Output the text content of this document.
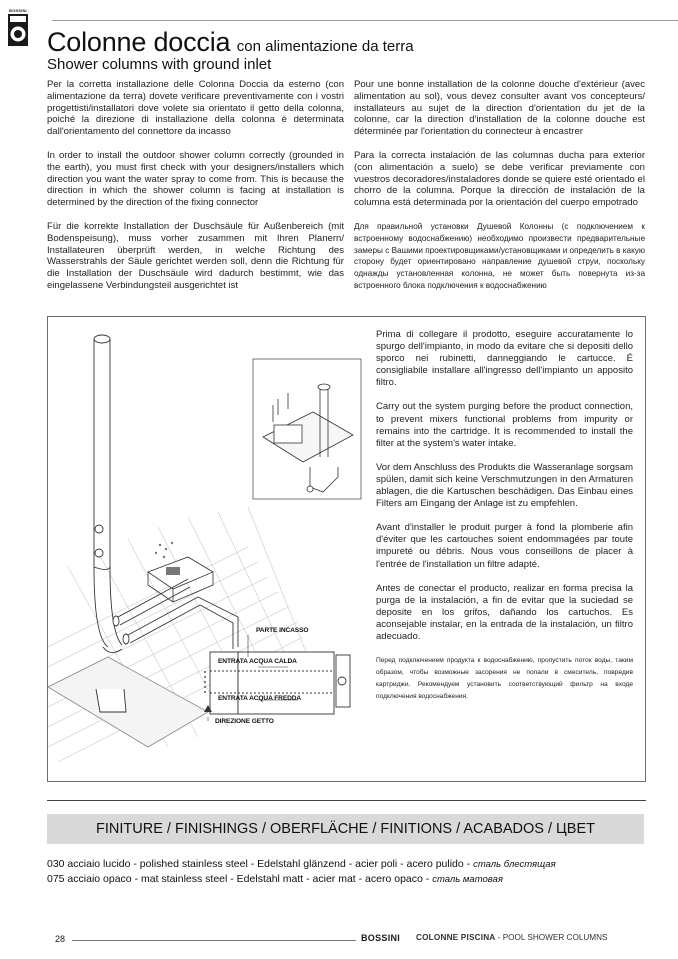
BOSSINI
Colonne doccia con alimentazione da terra
Shower columns with ground inlet

Per la corretta installazione delle Colonna Doccia da esterno (con alimentazione da terra) dovete verificare preventivamente con i vostri progettisti/installatori dove volete sia orientato il getto della colonna, poiché la direzione di installazione della colonna è determinata dall'orientamento del connettore da incasso

In order to install the outdoor shower column correctly (grounded in the earth), you must first check with your designers/installers which direction you want the water spray to come from. This is because the direction in which the shower column is facing at installation is determined by the direction of the fixing connector

Für die korrekte Installation der Duschsäule für Außenbereich (mit Bodenspeisung), muss vorher zusammen mit Ihren Planern/ Installateuren überprüft werden, in welche Richtung des Wasserstrahls der Säule gerichtet werden soll, denn die Richtung für die Installation der Duschsäule wird dadurch bestimmt, wie das eingelassene Verbindungsteil ausgerichtet ist

Pour une bonne installation de la colonne douche d'extérieur (avec alimentation au sol), vous devez consulter avant vos concepteurs/ installateurs au sujet de la direction d'orientation du jet de la colonne, car la direction d'installation de la colonne douche est déterminée par l'orientation du connecteur à encastrer

Para la correcta instalación de las columnas ducha para exterior (con alimentación a suelo) se debe verificar previamente con vuestros decoradores/instaladores donde se quiere esté orientado el chorro de la columna. Porque la dirección de instalación de la columna está determinada por la orientación del cuerpo empotrado

Для правильной установки Душевой Колонны (с подключением к встроенному водоснабжению) необходимо произвести предварительные замеры с Вашими проектировщиками/установщиками и определить в какую сторону будет ориентировано направление душевой струи, поскольку однажды установленная колонна, не может быть повернута из-за встроенного блока подключения к водоснабжению

PARTE INCASSO
ENTRATA ACQUA CALDA
ENTRATA ACQUA FREDDA
DIREZIONE GETTO

Prima di collegare il prodotto, eseguire accuratamente lo spurgo dell'impianto, in modo da evitare che si depositi dello sporco nei rubinetti, danneggiando le cartucce. É consigliabile installare all'ingresso dell'impianto un apposito filtro.

Carry out the system purging before the product connection, to prevent mixers functional problems from impurity or remains into the cartridge. It is recommended to install the filter at the system's water intake.

Vor dem Anschluss des Produkts die Wasseranlage sorgsam spülen, damit sich keine Verschmutzungen in den Armaturen ablagen, die die Kartuschen beschädigen. Das Einbau eines Filters am Eingang der Anlage ist zu empfehlen.

Avant d'installer le produit purger à fond la plomberie afin d'éviter que les cartouches soient endommagées par toute impureté ou débris. Nous vous conseillons de placer à l'entrée de l'installation un filtre adapté.

Antes de conectar el producto, realizar en forma precisa la purga de la instalación, a fin de evitar que la suciedad se deposite en los grifos, dañando los cartuchos. Es aconsejable instalar, en la entrada de la instalación, un filtro adecuado.

Перед подключением продукта к водоснабжению, пропустить поток воды, таким образом, чтобы возможные засорения не попали в смеситель, повредив картриджи. Рекомендуем установить соответствующий фильтр на входе подключения водоснабжения.

FINITURE / FINISHINGS / OBERFLÄCHE / FINITIONS / ACABADOS / ЦВЕТ
030 acciaio lucido - polished stainless steel - Edelstahl glänzend - acier poli - acero pulido - сталь блестящая
075 acciaio opaco - mat stainless steel - Edelstahl matt - acier mat - acero opaco - сталь матовая
28	BOSSINI COLONNE PISCINA - POOL SHOWER COLUMNS
